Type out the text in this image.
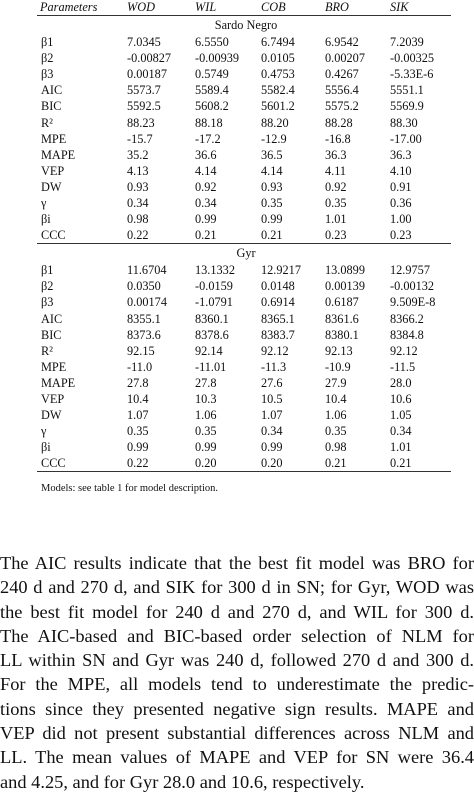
Parameters	WOD	WIL	COB	BRO	SIK
Sardo Negro					
β1	7.0345	6.5550	6.7494	6.9542	7.2039
β2	-0.00827	-0.00939	0.0105	0.00207	-0.00325
β3	0.00187	0.5749	0.4753	0.4267	-5.33E-6
AIC	5573.7	5589.4	5582.4	5556.4	5551.1
BIC	5592.5	5608.2	5601.2	5575.2	5569.9
R²	88.23	88.18	88.20	88.28	88.30
MPE	-15.7	-17.2	-12.9	-16.8	-17.00
MAPE	35.2	36.6	36.5	36.3	36.3
VEP	4.13	4.14	4.14	4.11	4.10
DW	0.93	0.92	0.93	0.92	0.91
γ	0.34	0.34	0.35	0.35	0.36
βi	0.98	0.99	0.99	1.01	1.00
CCC	0.22	0.21	0.21	0.23	0.23
Gyr					
β1	11.6704	13.1332	12.9217	13.0899	12.9757
β2	0.0350	-0.0159	0.0148	0.00139	-0.00132
β3	0.00174	-1.0791	0.6914	0.6187	9.509E-8
AIC	8355.1	8360.1	8365.1	8361.6	8366.2
BIC	8373.6	8378.6	8383.7	8380.1	8384.8
R²	92.15	92.14	92.12	92.13	92.12
MPE	-11.0	-11.01	-11.3	-10.9	-11.5
MAPE	27.8	27.8	27.6	27.9	28.0
VEP	10.4	10.3	10.5	10.4	10.6
DW	1.07	1.06	1.07	1.06	1.05
γ	0.35	0.35	0.34	0.35	0.34
βi	0.99	0.99	0.99	0.98	1.01
CCC	0.22	0.20	0.20	0.21	0.21
Models: see table 1 for model description.
The AIC results indicate that the best fit model was BRO for
240 d and 270 d, and SIK for 300 d in SN; for Gyr, WOD was
the best fit model for 240 d and 270 d, and WIL for 300 d.
The AIC-based and BIC-based order selection of NLM for
LL within SN and Gyr was 240 d, followed 270 d and 300 d.
For the MPE, all models tend to underestimate the predic-
tions since they presented negative sign results. MAPE and
VEP did not present substantial differences across NLM and
LL. The mean values of MAPE and VEP for SN were 36.4
and 4.25, and for Gyr 28.0 and 10.6, respectively.
